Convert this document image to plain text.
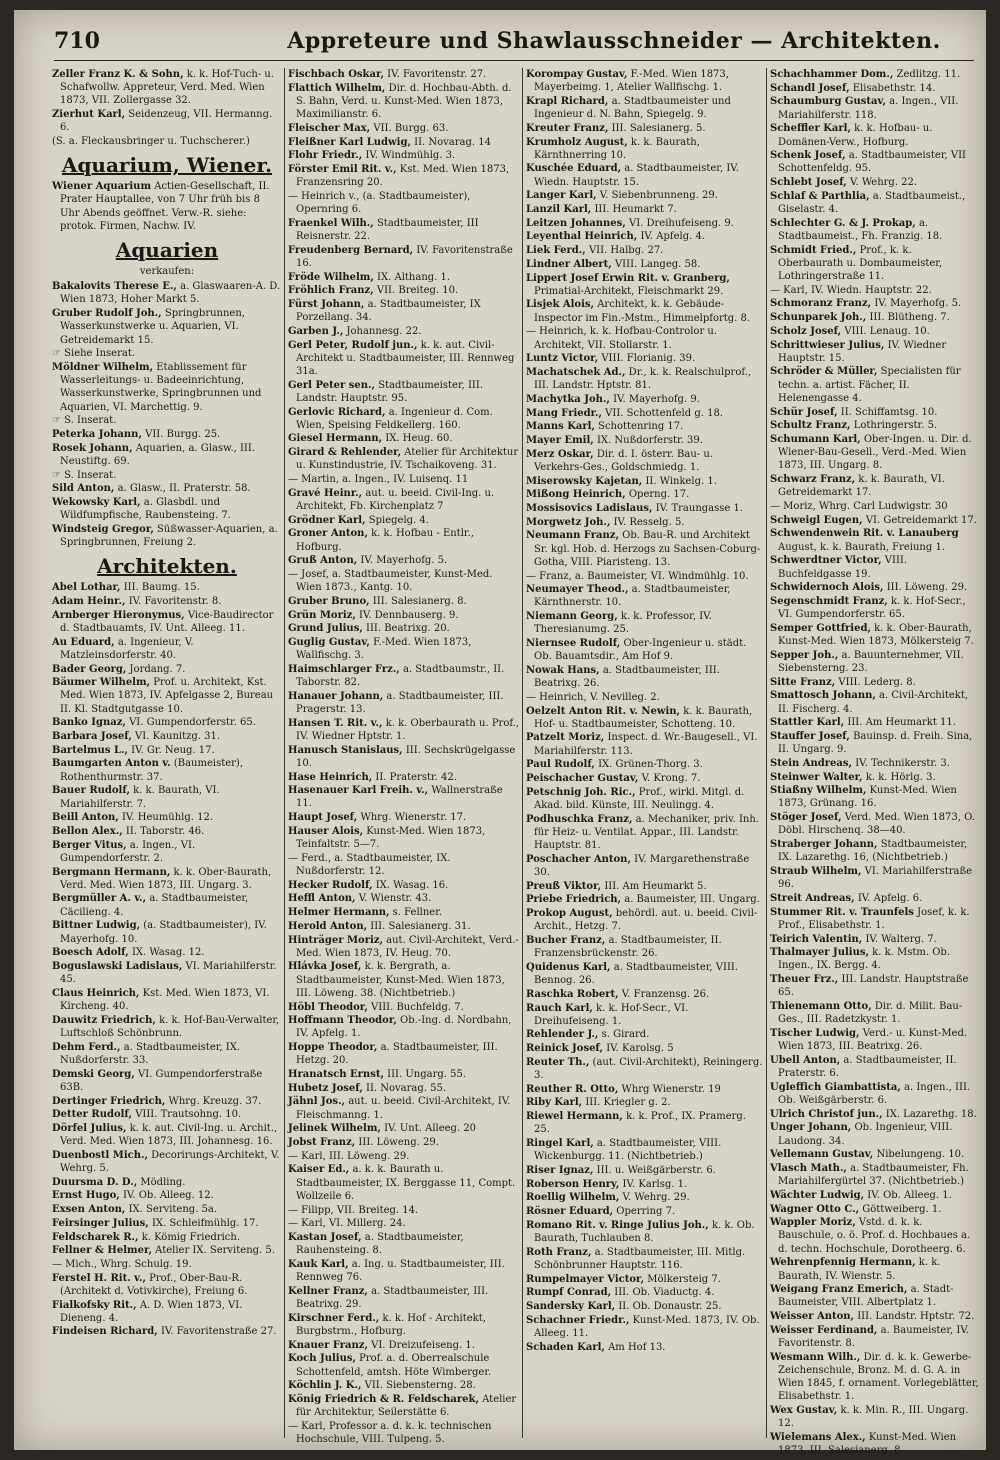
710	Appreteure und Shawlausschneider — Architekten.
Zeller Franz K. & Sohn, k. k. Hof-Tuch- u. Schafwollw. Appreteur, Verd. Med. Wien 1873, VII. Zollergasse 32.
Zierhut Karl, Seidenzeug, VII. Hermanng. 6.
(S. a. Fleckausbringer u. Tuchscherer.)
Aquarium, Wiener.
Wiener Aquarium Actien-Gesellschaft, II. Prater Hauptallee, von 7 Uhr früh bis 8 Uhr Abends geöffnet. Verw.-R. siehe: protok. Firmen, Nachw. IV.
Aquarien
verkaufen:
Bakalovits Therese E., a. Glaswaaren-A. D. Wien 1873, Hoher Markt 5.
Gruber Rudolf Joh., Springbrunnen, Wasserkunstwerke u. Aquarien, VI. Getreidemarkt 15.
☞ Siehe Inserat.
Möldner Wilhelm, Etablissement für Wasserleitungs- u. Badeeinrichtung, Wasserkunstwerke, Springbrunnen und Aquarien, VI. Marchettig. 9.
☞ S. Inserat.
Peterka Johann, VII. Burgg. 25.
Rosek Johann, Aquarien, a. Glasw., III. Neustiftg. 69.
☞ S. Inserat.
Sild Anton, a. Glasw., II. Praterstr. 58.
Wekowsky Karl, a. Glasbdl. und Wildfumpfische, Raubensteing. 7.
Windsteig Gregor, Süßwasser-Aquarien, a. Springbrunnen, Freiung 2.
Architekten.
Abel Lothar, III. Baumg. 15.
Adam Heinr., IV. Favoritenstr. 8.
Arnberger Hieronymus, Vice-Baudirector d. Stadtbauamts, IV. Unt. Alleeg. 11.
Au Eduard, a. Ingenieur, V. Matzleinsdorferstr. 40.
Bader Georg, Jordang. 7.
Bäumer Wilhelm, Prof. u. Architekt, Kst. Med. Wien 1873, IV. Apfelgasse 2, Bureau II. Kl. Stadtgutgasse 10.
Banko Ignaz, VI. Gumpendorferstr. 65.
Barbara Josef, VI. Kaunitzg. 31.
Bartelmus L., IV. Gr. Neug. 17.
Baumgarten Anton v. (Baumeister), Rothenthurmstr. 37.
Bauer Rudolf, k. k. Baurath, VI. Mariahilferstr. 7.
Beill Anton, IV. Heumühlg. 12.
Bellon Alex., II. Taborstr. 46.
Berger Vitus, a. Ingen., VI. Gumpendorferstr. 2.
Bergmann Hermann, k. k. Ober-Baurath, Verd. Med. Wien 1873, III. Ungarg. 3.
Bergmüller A. v., a. Stadtbaumeister, Cäcilieng. 4.
Bittner Ludwig, (a. Stadtbaumeister), IV. Mayerhofg. 10.
Boesch Adolf, IX. Wasag. 12.
Boguslawski Ladislaus, VI. Mariahilferstr. 45.
Claus Heinrich, Kst. Med. Wien 1873, VI. Kircheng. 40.
Dauwitz Friedrich, k. k. Hof-Bau-Verwalter, Luftschloß Schönbrunn.
Dehm Ferd., a. Stadtbaumeister, IX. Nußdorferstr. 33.
Demski Georg, VI. Gumpendorferstraße 63B.
Dertinger Friedrich, Whrg. Kreuzg. 37.
Detter Rudolf, VIII. Trautsohng. 10.
Dörfel Julius, k. k. aut. Civil-Ing. u. Archit., Verd. Med. Wien 1873, III. Johannesg. 16.
Duenbostl Mich., Decorirungs-Architekt, V. Wehrg. 5.
Duursma D. D., Mödling.
Ernst Hugo, IV. Ob. Alleeg. 12.
Exsen Anton, IX. Serviteng. 5a.
Feirsinger Julius, IX. Schleifmühlg. 17.
Feldscharek R., k. Kömig Friedrich.
Fellner & Helmer, Atelier IX. Serviteng. 5.
— Mich., Whrg. Schulg. 19.
Ferstel H. Rit. v., Prof., Ober-Bau-R. (Architekt d. Votivkirche), Freiung 6.
Fialkofsky Rit., A. D. Wien 1873, VI. Dieneng. 4.
Findeisen Richard, IV. Favoritenstraße 27.
Fischbach Oskar, IV. Favoritenstr. 27.
Flattich Wilhelm, Dir. d. Hochbau-Abth. d. S. Bahn, Verd. u. Kunst-Med. Wien 1873, Maximilianstr. 6.
Fleischer Max, VII. Burgg. 63.
Fleißner Karl Ludwig, II. Novarag. 14
Flohr Friedr., IV. Windmühlg. 3.
Förster Emil Rit. v., Kst. Med. Wien 1873, Franzensring 20.
— Heinrich v., (a. Stadtbaumeister), Opernring 6.
Fraenkel Wilh., Stadtbaumeister, III Reisnerstr. 22.
Freudenberg Bernard, IV. Favoritenstraße 16.
Fröde Wilhelm, IX. Althang. 1.
Fröhlich Franz, VII. Breiteg. 10.
Fürst Johann, a. Stadtbaumeister, IX Porzellang. 34.
Garben J., Johannesg. 22.
Gerl Peter, Rudolf jun., k. k. aut. Civil-Architekt u. Stadtbaumeister, III. Rennweg 31a.
Gerl Peter sen., Stadtbaumeister, III. Landstr. Hauptstr. 95.
Gerlovic Richard, a. Ingenieur d. Com. Wien, Speising Feldkellerg. 160.
Giesel Hermann, IX. Heug. 60.
Girard & Rehlender, Atelier für Architektur u. Kunstindustrie, IV. Tschaikoveng. 31.
— Martin, a. Ingen., IV. Luisenq. 11
Gravé Heinr., aut. u. beeid. Civil-Ing. u. Architekt, Fb. Kirchenplatz 7
Grödner Karl, Spiegelg. 4.
Groner Anton, k. k. Hofbau - Entlr., Hofburg.
Gruß Anton, IV. Mayerhofg. 5.
— Josef, a. Stadtbaumeister, Kunst-Med. Wien 1873., Kantg. 10.
Gruber Bruno, III. Salesianerg. 8.
Grün Moriz, IV. Dennbauserg. 9.
Grund Julius, III. Beatrixg. 20.
Guglig Gustav, F.-Med. Wien 1873, Wallfischg. 3.
Haimschlarger Frz., a. Stadtbaumstr., II. Taborstr. 82.
Hanauer Johann, a. Stadtbaumeister, III. Pragerstr. 13.
Hansen T. Rit. v., k. k. Oberbaurath u. Prof., IV. Wiedner Hptstr. 1.
Hanusch Stanislaus, III. Sechskrügelgasse 10.
Hase Heinrich, II. Praterstr. 42.
Hasenauer Karl Freih. v., Wallnerstraße 11.
Haupt Josef, Whrg. Wienerstr. 17.
Hauser Alois, Kunst-Med. Wien 1873, Teinfaltstr. 5—7.
— Ferd., a. Stadtbaumeister, IX. Nußdorferstr. 12.
Hecker Rudolf, IX. Wasag. 16.
Heffl Anton, V. Wienstr. 43.
Helmer Hermann, s. Fellner.
Herold Anton, III. Salesianerg. 31.
Hinträger Moriz, aut. Civil-Architekt, Verd.-Med. Wien 1873, IV. Heug. 70.
Hlávka Josef, k. k. Bergrath, a. Stadtbaumeister, Kunst-Med. Wien 1873, III. Löweng. 38. (Nichtbetrieb.)
Höbl Theodor, VIII. Buchfeldg. 7.
Hoffmann Theodor, Ob.-Ing. d. Nordbahn, IV. Apfelg. 1.
Hoppe Theodor, a. Stadtbaumeister, III. Hetzg. 20.
Hranatsch Ernst, III. Ungarg. 55.
Hubetz Josef, II. Novarag. 55.
Jähnl Jos., aut. u. beeid. Civil-Architekt, IV. Fleischmanng. 1.
Jelinek Wilhelm, IV. Unt. Alleeg. 20
Jobst Franz, III. Löweng. 29.
— Karl, III. Löweng. 29.
Kaiser Ed., a. k. k. Baurath u. Stadtbaumeister, IX. Berggasse 11, Compt. Wollzeile 6.
— Filipp, VII. Breiteg. 14.
— Karl, VI. Millerg. 24.
Kastan Josef, a. Stadtbaumeister, Rauhensteing. 8.
Kauk Karl, a. Ing. u. Stadtbaumeister, III. Rennweg 76.
Kellner Franz, a. Stadtbaumeister, III. Beatrixg. 29.
Kirschner Ferd., k. k. Hof - Architekt, Burgbstrm., Hofburg.
Knauer Franz, VI. Dreizufeiseng. 1.
Koch Julius, Prof. a. d. Oberrealschule Schottenfeld, amtsh. Höte Wimberger.
Köchlin J. K., VII. Siebensterng. 28.
König Friedrich & R. Feldscharek, Atelier für Architektur, Seilerstätte 6.
— Karl, Professor a. d. k. k. technischen Hochschule, VIII. Tulpeng. 5.
Korompay Gustav, F.-Med. Wien 1873, Mayerbeimg. 1, Atelier Wallfischg. 1.
Krapl Richard, a. Stadtbaumeister und Ingenieur d. N. Bahn, Spiegelg. 9.
Kreuter Franz, III. Salesianerg. 5.
Krumholz August, k. k. Baurath, Kärnthnerring 10.
Kuschée Eduard, a. Stadtbaumeister, IV. Wiedn. Hauptstr. 15.
Langer Karl, V. Siebenbrunneng. 29.
Lanzil Karl, III. Heumarkt 7.
Leitzen Johannes, VI. Dreihufeiseng. 9.
Leyenthal Heinrich, IV. Apfelg. 4.
Liek Ferd., VII. Halbg. 27.
Lindner Albert, VIII. Langeg. 58.
Lippert Josef Erwin Rit. v. Granberg, Primatial-Architekt, Fleischmarkt 29.
Lisjek Alois, Architekt, k. k. Gebäude-Inspector im Fin.-Mstm., Himmelpfortg. 8.
— Heinrich, k. k. Hofbau-Controlor u. Architekt, VII. Stollarstr. 1.
Luntz Victor, VIII. Florianig. 39.
Machatschek Ad., Dr., k. k. Realschulprof., III. Landstr. Hptstr. 81.
Machytka Joh., IV. Mayerhofg. 9.
Mang Friedr., VII. Schottenfeld g. 18.
Manns Karl, Schottenring 17.
Mayer Emil, IX. Nußdorferstr. 39.
Merz Oskar, Dir. d. I. österr. Bau- u. Verkehrs-Ges., Goldschmiedg. 1.
Miserowsky Kajetan, II. Winkelg. 1.
Mißong Heinrich, Operng. 17.
Mossisovics Ladislaus, IV. Traungasse 1.
Morgwetz Joh., IV. Resselg. 5.
Neumann Franz, Ob. Bau-R. und Architekt Sr. kgl. Hob. d. Herzogs zu Sachsen-Coburg-Gotha, VIII. Piaristeng. 13.
— Franz, a. Baumeister, VI. Windmühlg. 10.
Neumayer Theod., a. Stadtbaumeister, Kärnthnerstr. 10.
Niemann Georg, k. k. Professor, IV. Theresianumg. 25.
Niernsee Rudolf, Ober-Ingenieur u. städt. Ob. Bauamtsdir., Am Hof 9.
Nowak Hans, a. Stadtbaumeister, III. Beatrixg. 26.
— Heinrich, V. Nevilleg. 2.
Oelzelt Anton Rit. v. Newin, k. k. Baurath, Hof- u. Stadtbaumeister, Schotteng. 10.
Patzelt Moriz, Inspect. d. Wr.-Baugesell., VI. Mariahilferstr. 113.
Paul Rudolf, IX. Grünen-Thorg. 3.
Peischacher Gustav, V. Krong. 7.
Petschnig Joh. Ric., Prof., wirkl. Mitgl. d. Akad. bild. Künste, III. Neulingg. 4.
Podhuschka Franz, a. Mechaniker, priv. Inh. für Heiz- u. Ventilat. Appar., III. Landstr. Hauptstr. 81.
Poschacher Anton, IV. Margarethenstraße 30.
Preuß Viktor, III. Am Heumarkt 5.
Priebe Friedrich, a. Baumeister, III. Ungarg.
Prokop August, behördl. aut. u. beeid. Civil-Archit., Hetzg. 7.
Bucher Franz, a. Stadtbaumeister, II. Franzensbrückenstr. 26.
Quidenus Karl, a. Stadtbaumeister, VIII. Bennog. 26.
Raschka Robert, V. Franzensg. 26.
Rauch Karl, k. k. Hof-Secr., VI. Dreihufeiseng. 1.
Rehlender J., s. Girard.
Reinick Josef, IV. Karolsg. 5
Reuter Th., (aut. Civil-Architekt), Reiningerg. 3.
Reuther R. Otto, Whrg Wienerstr. 19
Riby Karl, III. Kriegler g. 2.
Riewel Hermann, k. k. Prof., IX. Pramerg. 25.
Ringel Karl, a. Stadtbaumeister, VIII. Wickenburgg. 11. (Nichtbetrieb.)
Riser Ignaz, III. u. Weißgärberstr. 6.
Roberson Henry, IV. Karlsg. 1.
Roellig Wilhelm, V. Wehrg. 29.
Rösner Eduard, Operring 7.
Romano Rit. v. Ringe Julius Joh., k. k. Ob. Baurath, Tuchlauben 8.
Roth Franz, a. Stadtbaumeister, III. Mitlg. Schönbrunner Hauptstr. 116.
Rumpelmayer Victor, Mölkersteig 7.
Rumpf Conrad, III. Ob. Viaductg. 4.
Sandersky Karl, II. Ob. Donaustr. 25.
Schachner Friedr., Kunst-Med. 1873, IV. Ob. Alleeg. 11.
Schaden Karl, Am Hof 13.
Schachhammer Dom., Zedlitzg. 11.
Schandl Josef, Elisabethstr. 14.
Schaumburg Gustav, a. Ingen., VII. Mariahilferstr. 118.
Scheffler Karl, k. k. Hofbau- u. Domänen-Verw., Hofburg.
Schenk Josef, a. Stadtbaumeister, VII Schottenfeldg. 95.
Schlebt Josef, V. Wehrg. 22.
Schlaf & Parthlia, a. Stadtbaumeist., Giselastr. 4.
Schlechter G. & J. Prokap, a. Stadtbaumeist., Fh. Franzig. 18.
Schmidt Fried., Prof., k. k. Oberbaurath u. Dombaumeister, Lothringerstraße 11.
— Karl, IV. Wiedn. Hauptstr. 22.
Schmoranz Franz, IV. Mayerhofg. 5.
Schunparek Joh., III. Blütheng. 7.
Scholz Josef, VIII. Lenaug. 10.
Schrittwieser Julius, IV. Wiedner Hauptstr. 15.
Schröder & Müller, Specialisten für techn. a. artist. Fächer, II. Helenengasse 4.
Schür Josef, II. Schiffamtsg. 10.
Schultz Franz, Lothringerstr. 5.
Schumann Karl, Ober-Ingen. u. Dir. d. Wiener-Bau-Gesell., Verd.-Med. Wien 1873, III. Ungarg. 8.
Schwarz Franz, k. k. Baurath, VI. Getreidemarkt 17.
— Moriz, Whrg. Carl Ludwigstr. 30
Schweigl Eugen, VI. Getreidemarkt 17.
Schwendenwein Rit. v. Lanauberg August, k. k. Baurath, Freiung 1.
Schwerdtner Victor, VIII. Buchfeldgasse 19.
Schwidernoch Alois, III. Löweng. 29.
Segenschmidt Franz, k. k. Hof-Secr., VI. Gumpendorferstr. 65.
Semper Gottfried, k. k. Ober-Baurath, Kunst-Med. Wien 1873, Mölkersteig 7.
Sepper Joh., a. Bauunternehmer, VII. Siebensterng. 23.
Sitte Franz, VIII. Lederg. 8.
Smattosch Johann, a. Civil-Architekt, II. Fischerg. 4.
Stattler Karl, III. Am Heumarkt 11.
Stauffer Josef, Bauinsp. d. Freih. Sina, II. Ungarg. 9.
Stein Andreas, IV. Technikerstr. 3.
Steinwer Walter, k. k. Hörlg. 3.
Stiaßny Wilhelm, Kunst-Med. Wien 1873, Grünang. 16.
Stöger Josef, Verd. Med. Wien 1873, O. Döbl. Hirschenq. 38—40.
Straberger Johann, Stadtbaumeister, IX. Lazarethg. 16, (Nichtbetrieb.)
Straub Wilhelm, VI. Mariahilferstraße 96.
Streit Andreas, IV. Apfelg. 6.
Stummer Rit. v. Traunfels Josef, k. k. Prof., Elisabethstr. 1.
Teirich Valentin, IV. Walterg. 7.
Thalmayer Julius, k. k. Mstm. Ob. Ingen., IX. Bergg. 4.
Theuer Frz., III. Landstr. Hauptstraße 65.
Thienemann Otto, Dir. d. Milit. Bau-Ges., III. Radetzkystr. 1.
Tischer Ludwig, Verd.- u. Kunst-Med. Wien 1873, III. Beatrixg. 26.
Ubell Anton, a. Stadtbaumeister, II. Praterstr. 6.
Ugleffich Giambattista, a. Ingen., III. Ob. Weißgärberstr. 6.
Ulrich Christof jun., IX. Lazarethg. 18.
Unger Johann, Ob. Ingenieur, VIII. Laudong. 34.
Vellemann Gustav, Nibelungeng. 10.
Vlasch Math., a. Stadtbaumeister, Fh. Mariahilfergürtel 37. (Nichtbetrieb.)
Wächter Ludwig, IV. Ob. Alleeg. 1.
Wagner Otto C., Göttweiberg. 1.
Wappler Moriz, Vstd. d. k. k. Bauschule, o. ö. Prof. d. Hochbaues a. d. techn. Hochschule, Dorotheerg. 6.
Wehrenpfennig Hermann, k. k. Baurath, IV. Wienstr. 5.
Weigang Franz Emerich, a. Stadt-Baumeister, VIII. Albertplatz 1.
Weisser Anton, III. Landstr. Hptstr. 72.
Weisser Ferdinand, a. Baumeister, IV. Favoritenstr. 8.
Wesmann Wilh., Dir. d. k. k. Gewerbe-Zeichenschule, Bronz. M. d. G. A. in Wien 1845, f. ornament. Vorlegeblätter, Elisabethstr. 1.
Wex Gustav, k. k. Min. R., III. Ungarg. 12.
Wielemans Alex., Kunst-Med. Wien 1873, III. Salesianerg. 8.
